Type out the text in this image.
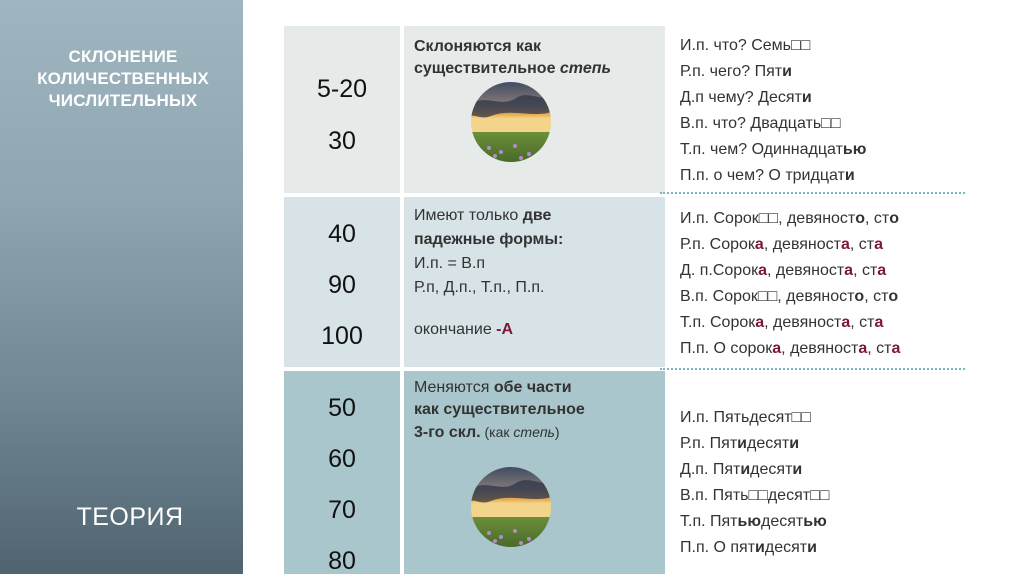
СКЛОНЕНИЕ
КОЛИЧЕСТВЕННЫХ
ЧИСЛИТЕЛЬНЫХ
ТЕОРИЯ
5-20
30
Склоняются как
существительное степь
И.п. что? Семь□□
Р.п. чего? Пяти
Д.п чему? Десяти
В.п. что? Двадцать□□
Т.п. чем? Одиннадцатью
П.п. о чем? О тридцати
40
90
100
Имеют только две
падежные формы:
И.п. = В.п
Р.п, Д.п., Т.п., П.п.
окончание -А
И.п. Сорок□□, девяносто, сто
Р.п. Сорока, девяноста, ста
Д. п.Сорока, девяноста, ста
В.п. Сорок□□, девяносто, сто
Т.п. Сорока, девяноста, ста
П.п. О сорока, девяноста, ста
50
60
70
80
Меняются обе части
как существительное
3-го скл. (как степь)
И.п. Пятьдесят□□
Р.п. Пятидесяти
Д.п. Пятидесяти
В.п. Пять□□десят□□
Т.п. Пятьюдесятью
П.п. О пятидесяти
